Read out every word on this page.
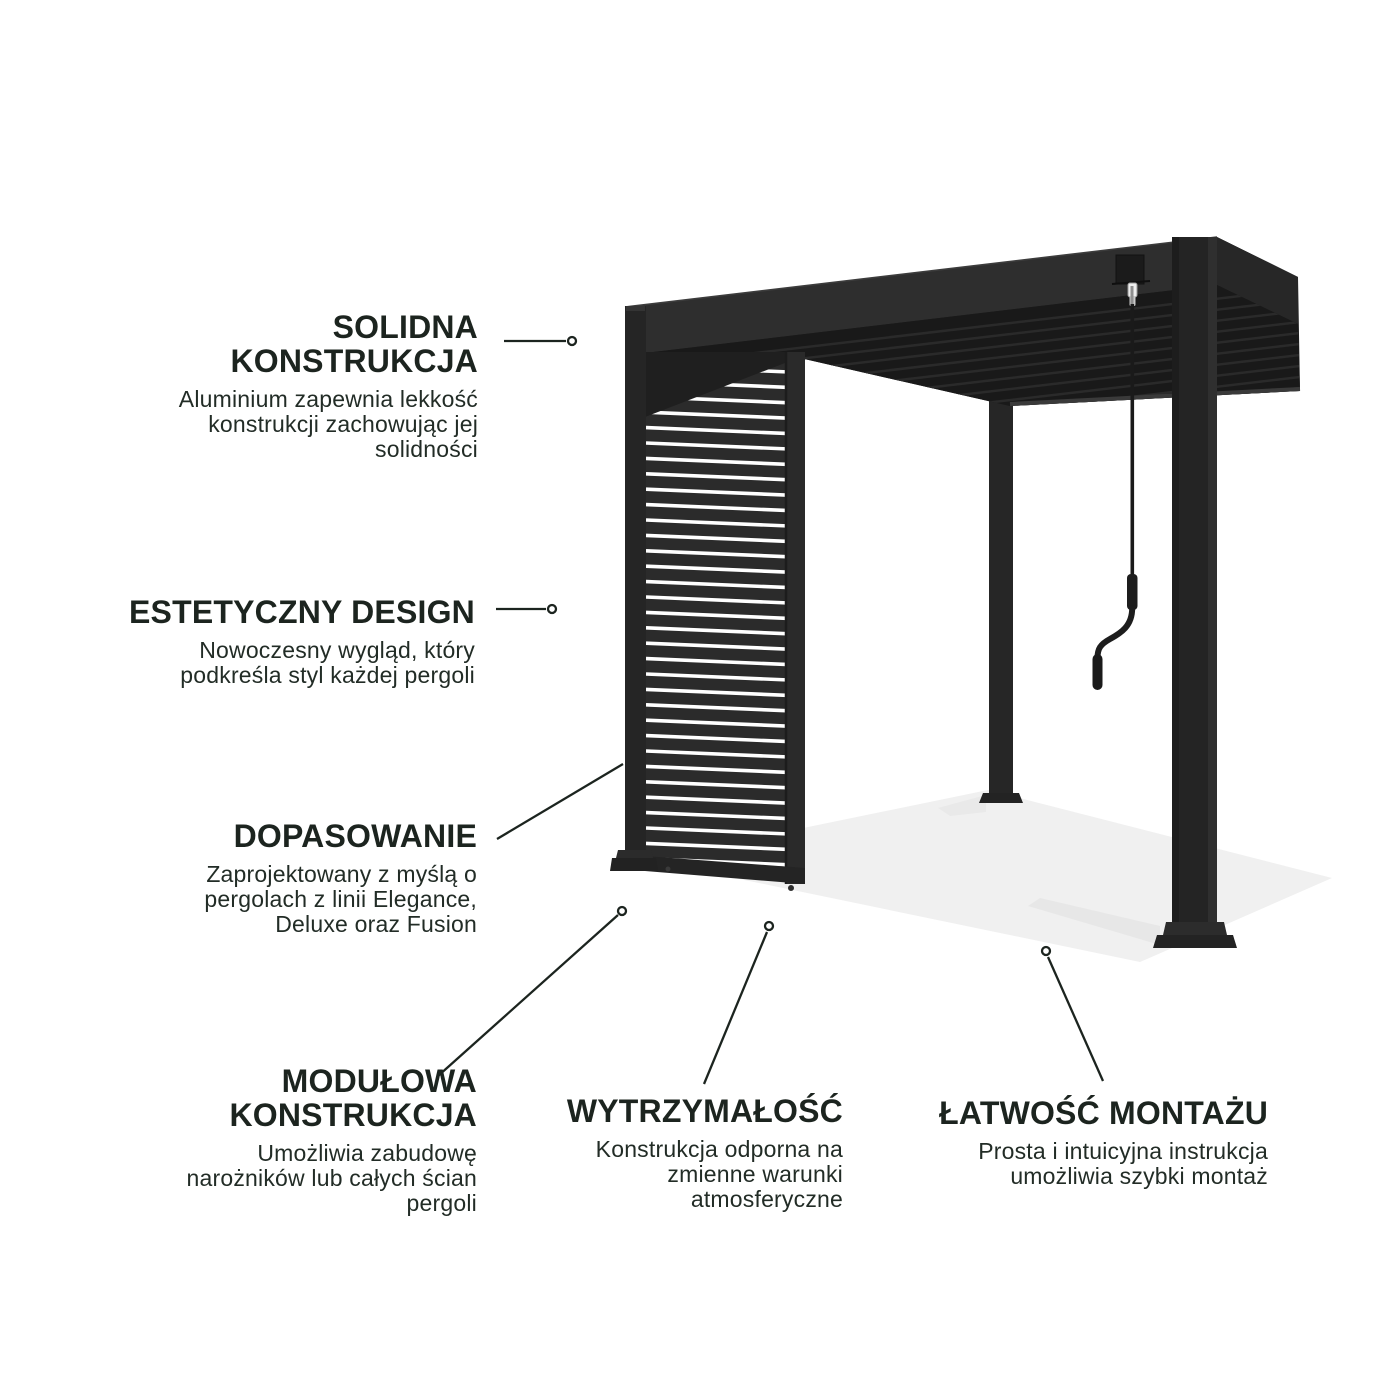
SOLIDNA
KONSTRUKCJA
Aluminium zapewnia lekkość
konstrukcji zachowując jej
solidności
ESTETYCZNY DESIGN
Nowoczesny wygląd, który
podkreśla styl każdej pergoli
DOPASOWANIE
Zaprojektowany z myślą o
pergolach z linii Elegance,
Deluxe oraz Fusion
MODUŁOWA
KONSTRUKCJA
Umożliwia zabudowę
narożników lub całych ścian
pergoli
WYTRZYMAŁOŚĆ
Konstrukcja odporna na
zmienne warunki
atmosferyczne
ŁATWOŚĆ MONTAŻU
Prosta i intuicyjna instrukcja
umożliwia szybki montaż
